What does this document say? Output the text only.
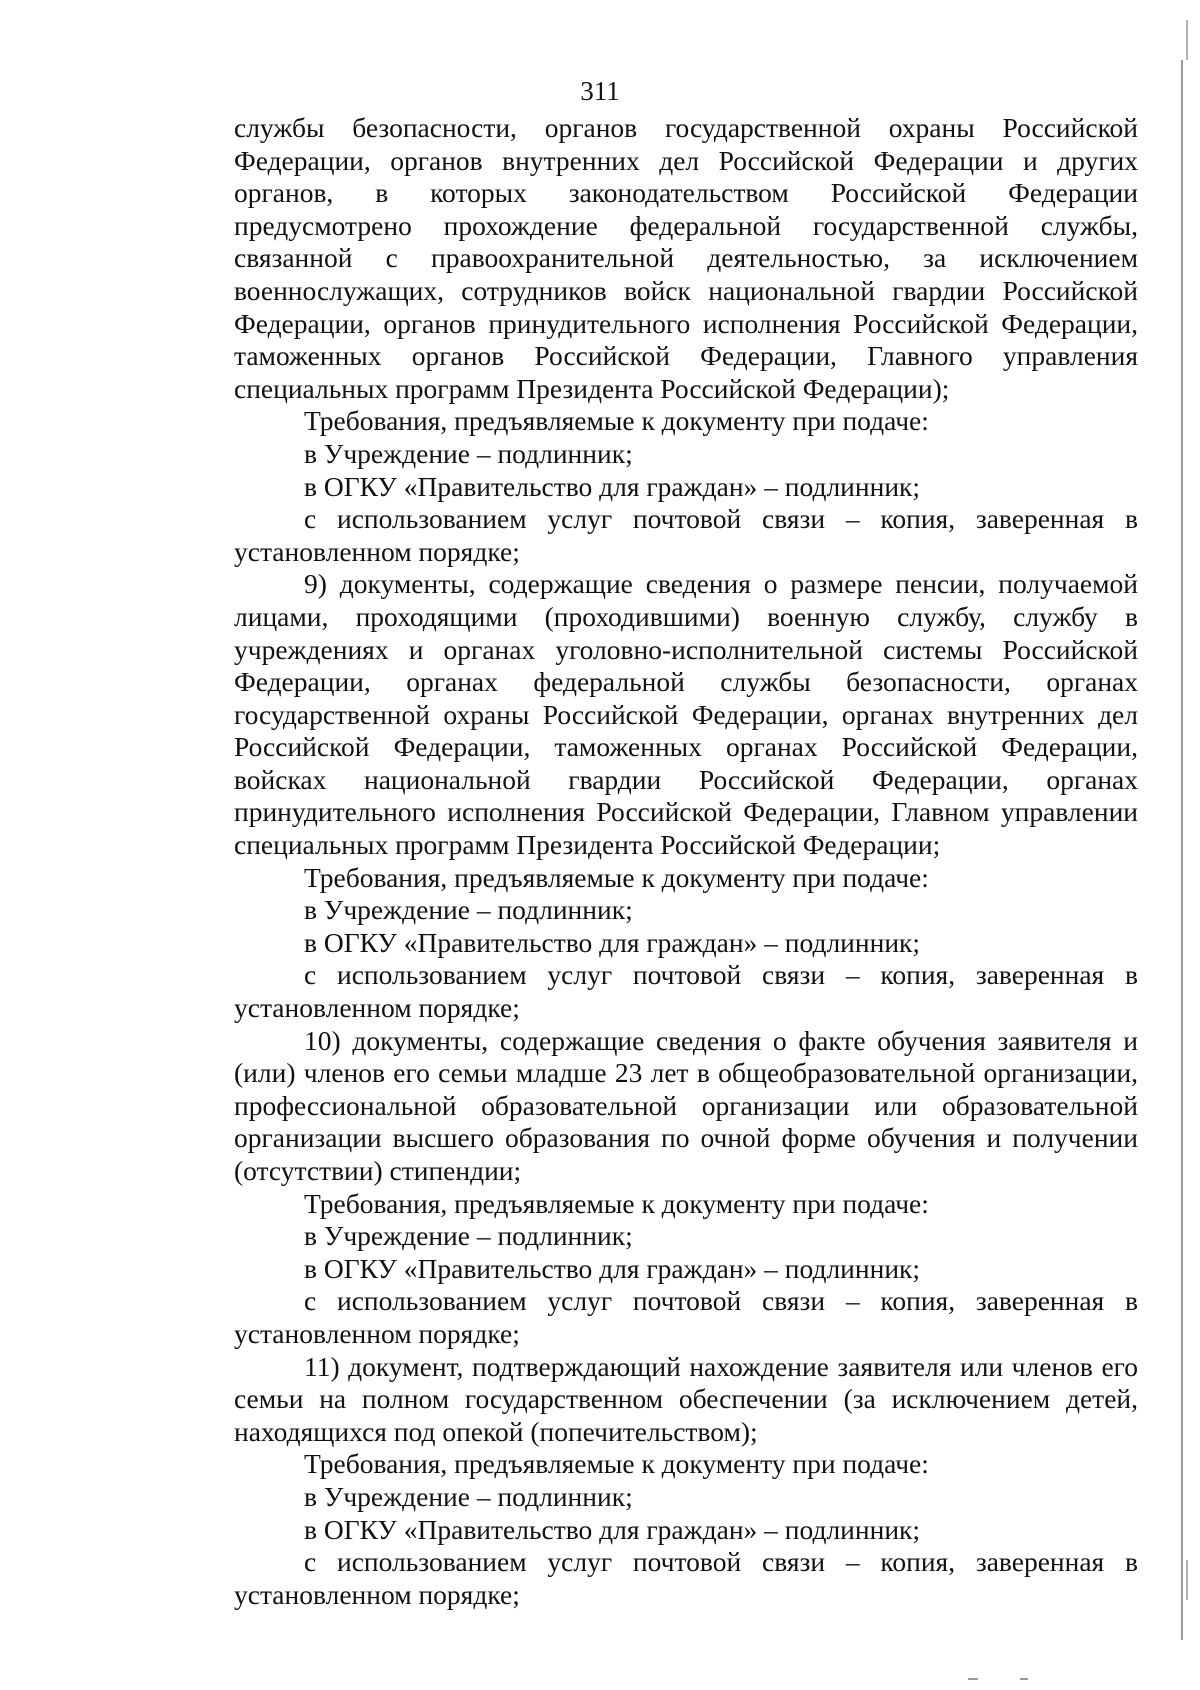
311

службы безопасности, органов государственной охраны Российской Федерации, органов внутренних дел Российской Федерации и других органов, в которых законодательством Российской Федерации предусмотрено прохождение федеральной государственной службы, связанной с правоохранительной деятельностью, за исключением военнослужащих, сотрудников войск национальной гвардии Российской Федерации, органов принудительного исполнения Российской Федерации, таможенных органов Российской Федерации, Главного управления специальных программ Президента Российской Федерации);

Требования, предъявляемые к документу при подаче:

в Учреждение – подлинник;

в ОГКУ «Правительство для граждан» – подлинник;

с использованием услуг почтовой связи – копия, заверенная в установленном порядке;

9) документы, содержащие сведения о размере пенсии, получаемой лицами, проходящими (проходившими) военную службу, службу в учреждениях и органах уголовно-исполнительной системы Российской Федерации, органах федеральной службы безопасности, органах государственной охраны Российской Федерации, органах внутренних дел Российской Федерации, таможенных органах Российской Федерации, войсках национальной гвардии Российской Федерации, органах принудительного исполнения Российской Федерации, Главном управлении специальных программ Президента Российской Федерации;

Требования, предъявляемые к документу при подаче:

в Учреждение – подлинник;

в ОГКУ «Правительство для граждан» – подлинник;

с использованием услуг почтовой связи – копия, заверенная в установленном порядке;

10) документы, содержащие сведения о факте обучения заявителя и (или) членов его семьи младше 23 лет в общеобразовательной организации, профессиональной образовательной организации или образовательной организации высшего образования по очной форме обучения и получении (отсутствии) стипендии;

Требования, предъявляемые к документу при подаче:

в Учреждение – подлинник;

в ОГКУ «Правительство для граждан» – подлинник;

с использованием услуг почтовой связи – копия, заверенная в установленном порядке;

11) документ, подтверждающий нахождение заявителя или членов его семьи на полном государственном обеспечении (за исключением детей, находящихся под опекой (попечительством);

Требования, предъявляемые к документу при подаче:

в Учреждение – подлинник;

в ОГКУ «Правительство для граждан» – подлинник;

с использованием услуг почтовой связи – копия, заверенная в установленном порядке;
